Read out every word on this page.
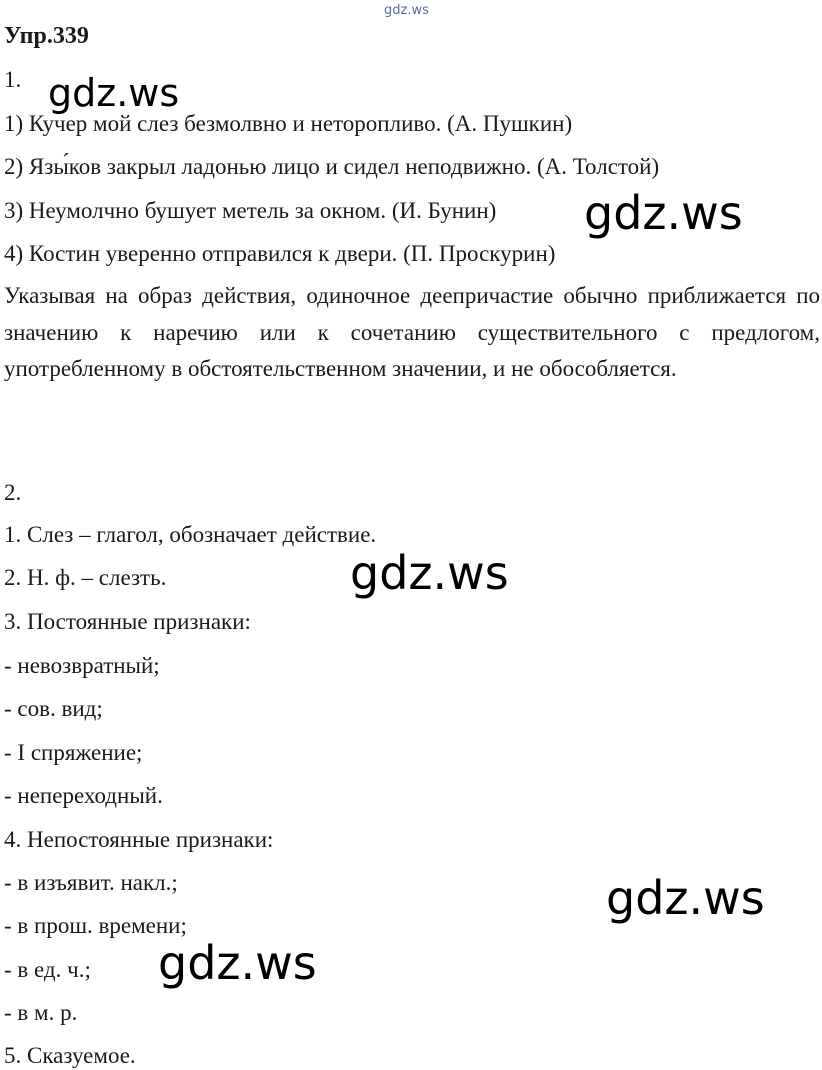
gdz.ws
Упр.339
1.
1) Кучер мой слез безмолвно и неторопливо. (А. Пушкин)
2) Язы́ков закрыл ладонью лицо и сидел неподвижно. (А. Толстой)
3) Неумолчно бушует метель за окном. (И. Бунин)
4) Костин уверенно отправился к двери. (П. Проскурин)
Указывая на образ действия, одиночное деепричастие обычно приближается по значению к наречию или к сочетанию существительного с предлогом, употребленному в обстоятельственном значении, и не обособляется.
2.
1. Слез – глагол, обозначает действие.
2. Н. ф. – слезть.
3. Постоянные признаки:
- невозвратный;
- сов. вид;
- I спряжение;
- непереходный.
4. Непостоянные признаки:
- в изъявит. накл.;
- в прош. времени;
- в ед. ч.;
- в м. р.
5. Сказуемое.
gdz.ws
gdz.ws
gdz.ws
gdz.ws
gdz.ws
